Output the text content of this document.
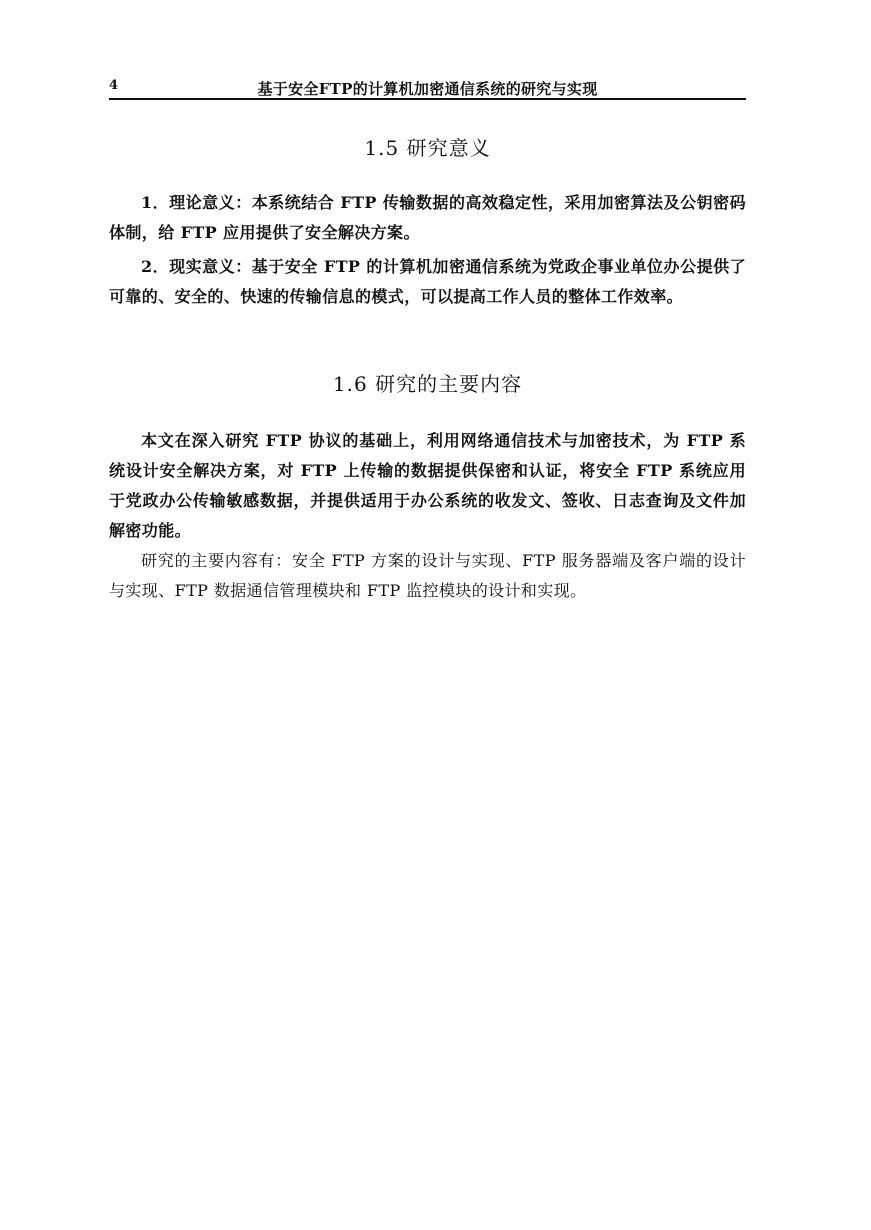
4	基于安全FTP的计算机加密通信系统的研究与实现
1.5 研究意义

1．理论意义：本系统结合 FTP 传输数据的高效稳定性，采用加密算法及公钥密码体制，给 FTP 应用提供了安全解决方案。

2．现实意义：基于安全 FTP 的计算机加密通信系统为党政企事业单位办公提供了可靠的、安全的、快速的传输信息的模式，可以提高工作人员的整体工作效率。

1.6 研究的主要内容

本文在深入研究 FTP 协议的基础上，利用网络通信技术与加密技术，为 FTP 系统设计安全解决方案，对 FTP 上传输的数据提供保密和认证，将安全 FTP 系统应用于党政办公传输敏感数据，并提供适用于办公系统的收发文、签收、日志查询及文件加解密功能。

研究的主要内容有：安全 FTP 方案的设计与实现、FTP 服务器端及客户端的设计与实现、FTP 数据通信管理模块和 FTP 监控模块的设计和实现。
